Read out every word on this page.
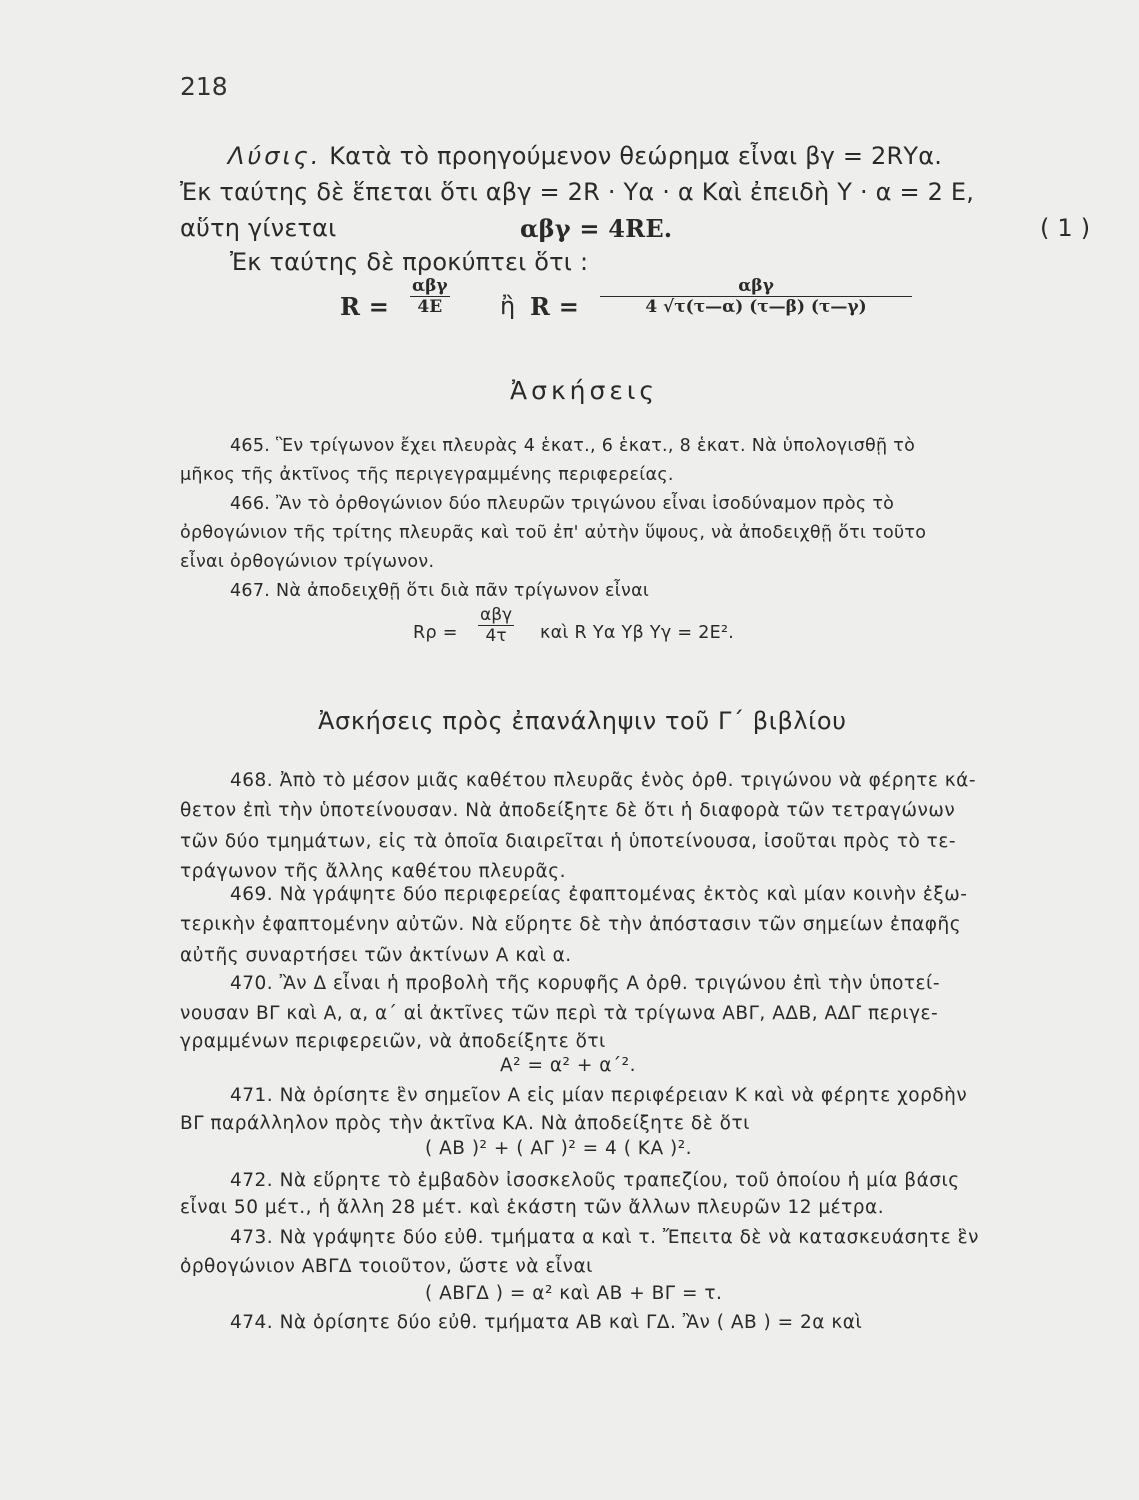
218
Λύσις. Κατὰ τὸ προηγούμενον θεώρημα εἶναι βγ = 2RΥα.
Ἐκ ταύτης δὲ ἕπεται ὅτι αβγ = 2R · Υα · α Καὶ ἐπειδὴ Υ · α = 2 Ε,
αὕτη γίνεται	αβγ = 4RE.	( 1 )
Ἐκ ταύτης δὲ προκύπτει ὅτι :
R =
αβγ
4E	ἢ R =
αβγ
4 √τ(τ—α) (τ—β) (τ—γ)
Ἀσκήσεις
465. Ἓν τρίγωνον ἔχει πλευρὰς 4 ἑκατ., 6 ἑκατ., 8 ἑκατ. Νὰ ὑπολογισθῇ τὸ
μῆκος τῆς ἀκτῖνος τῆς περιγεγραμμένης περιφερείας.
466. Ἂν τὸ ὀρθογώνιον δύο πλευρῶν τριγώνου εἶναι ἰσοδύναμον πρὸς τὸ
ὀρθογώνιον τῆς τρίτης πλευρᾶς καὶ τοῦ ἐπ' αὐτὴν ὕψους, νὰ ἀποδειχθῇ ὅτι τοῦτο
εἶναι ὀρθογώνιον τρίγωνον.
467. Νὰ ἀποδειχθῇ ὅτι διὰ πᾶν τρίγωνον εἶναι
Rρ =
αβγ
4τ	καὶ R Yα Yβ Yγ = 2E².
Ἀσκήσεις πρὸς ἐπανάληψιν τοῦ Γ΄ βιβλίου
468. Ἀπὸ τὸ μέσον μιᾶς καθέτου πλευρᾶς ἑνὸς ὀρθ. τριγώνου νὰ φέρητε κά-
θετον ἐπὶ τὴν ὑποτείνουσαν. Νὰ ἀποδείξητε δὲ ὅτι ἡ διαφορὰ τῶν τετραγώνων
τῶν δύο τμημάτων, εἰς τὰ ὁποῖα διαιρεῖται ἡ ὑποτείνουσα, ἰσοῦται πρὸς τὸ τε-
τράγωνον τῆς ἄλλης καθέτου πλευρᾶς.
469. Νὰ γράψητε δύο περιφερείας ἐφαπτομένας ἐκτὸς καὶ μίαν κοινὴν ἐξω-
τερικὴν ἐφαπτομένην αὐτῶν. Νὰ εὕρητε δὲ τὴν ἀπόστασιν τῶν σημείων ἐπαφῆς
αὐτῆς συναρτήσει τῶν ἀκτίνων Α καὶ α.
470. Ἂν Δ εἶναι ἡ προβολὴ τῆς κορυφῆς Α ὀρθ. τριγώνου ἐπὶ τὴν ὑποτεί-
νουσαν ΒΓ καὶ Α, α, α΄ αἱ ἀκτῖνες τῶν περὶ τὰ τρίγωνα ΑΒΓ, ΑΔΒ, ΑΔΓ περιγε-
γραμμένων περιφερειῶν, νὰ ἀποδείξητε ὅτι
Α² = α² + α΄².
471. Νὰ ὁρίσητε ἓν σημεῖον Α εἰς μίαν περιφέρειαν Κ καὶ νὰ φέρητε χορδὴν
ΒΓ παράλληλον πρὸς τὴν ἀκτῖνα ΚΑ. Νὰ ἀποδείξητε δὲ ὅτι
( ΑΒ )² + ( ΑΓ )² = 4 ( ΚΑ )².
472. Νὰ εὕρητε τὸ ἐμβαδὸν ἰσοσκελοῦς τραπεζίου, τοῦ ὁποίου ἡ μία βάσις
εἶναι 50 μέτ., ἡ ἄλλη 28 μέτ. καὶ ἑκάστη τῶν ἄλλων πλευρῶν 12 μέτρα.
473. Νὰ γράψητε δύο εὐθ. τμήματα α καὶ τ. Ἔπειτα δὲ νὰ κατασκευάσητε ἓν
ὀρθογώνιον ΑΒΓΔ τοιοῦτον, ὥστε νὰ εἶναι
( ΑΒΓΔ ) = α² καὶ ΑΒ + ΒΓ = τ.
474. Νὰ ὁρίσητε δύο εὐθ. τμήματα ΑΒ καὶ ΓΔ. Ἂν ( ΑΒ ) = 2α καὶ
